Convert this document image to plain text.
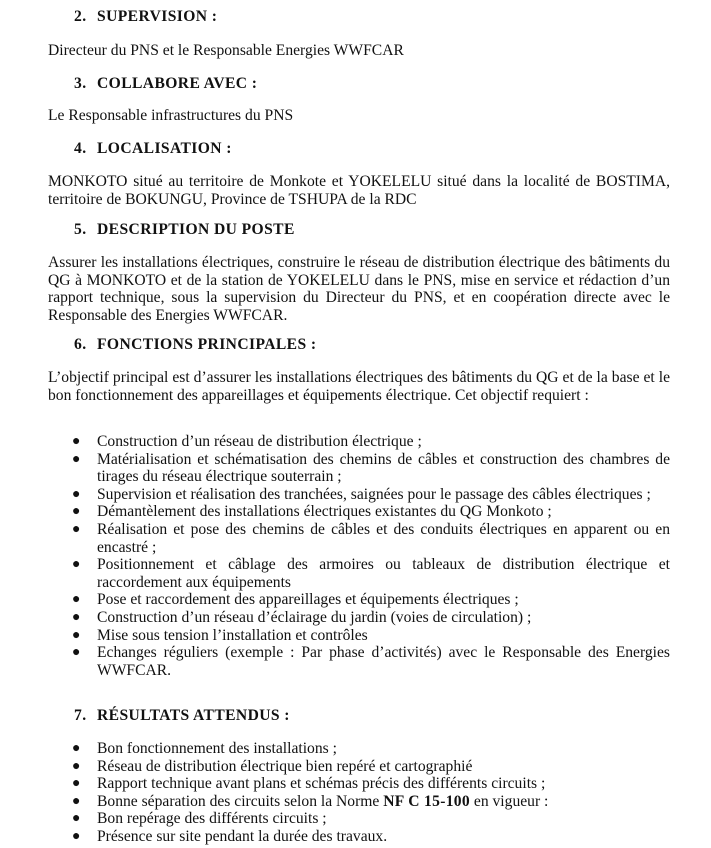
2. SUPERVISION :
Directeur du PNS et le Responsable Energies WWFCAR
3. COLLABORE AVEC :
Le Responsable infrastructures du PNS
4. LOCALISATION :
MONKOTO situé au territoire de Monkote et YOKELELU situé dans la localité de BOSTIMA, territoire de BOKUNGU, Province de TSHUPA de la RDC
5. DESCRIPTION DU POSTE
Assurer les installations électriques, construire le réseau de distribution électrique des bâtiments du QG à MONKOTO et de la station de YOKELELU dans le PNS, mise en service et rédaction d’un rapport technique, sous la supervision du Directeur du PNS, et en coopération directe avec le Responsable des Energies WWFCAR.
6. FONCTIONS PRINCIPALES :
L’objectif principal est d’assurer les installations électriques des bâtiments du QG et de la base et le bon fonctionnement des appareillages et équipements électrique. Cet objectif requiert :
● Construction d’un réseau de distribution électrique ;
● Matérialisation et schématisation des chemins de câbles et construction des chambres de tirages du réseau électrique souterrain ;
● Supervision et réalisation des tranchées, saignées pour le passage des câbles électriques ;
● Démantèlement des installations électriques existantes du QG Monkoto ;
● Réalisation et pose des chemins de câbles et des conduits électriques en apparent ou en encastré ;
● Positionnement et câblage des armoires ou tableaux de distribution électrique et raccordement aux équipements
● Pose et raccordement des appareillages et équipements électriques ;
● Construction d’un réseau d’éclairage du jardin (voies de circulation) ;
● Mise sous tension l’installation et contrôles
● Echanges réguliers (exemple : Par phase d’activités) avec le Responsable des Energies WWFCAR.
7. RÉSULTATS ATTENDUS :
● Bon fonctionnement des installations ;
● Réseau de distribution électrique bien repéré et cartographié
● Rapport technique avant plans et schémas précis des différents circuits ;
● Bonne séparation des circuits selon la Norme NF C 15-100 en vigueur :
● Bon repérage des différents circuits ;
● Présence sur site pendant la durée des travaux.
